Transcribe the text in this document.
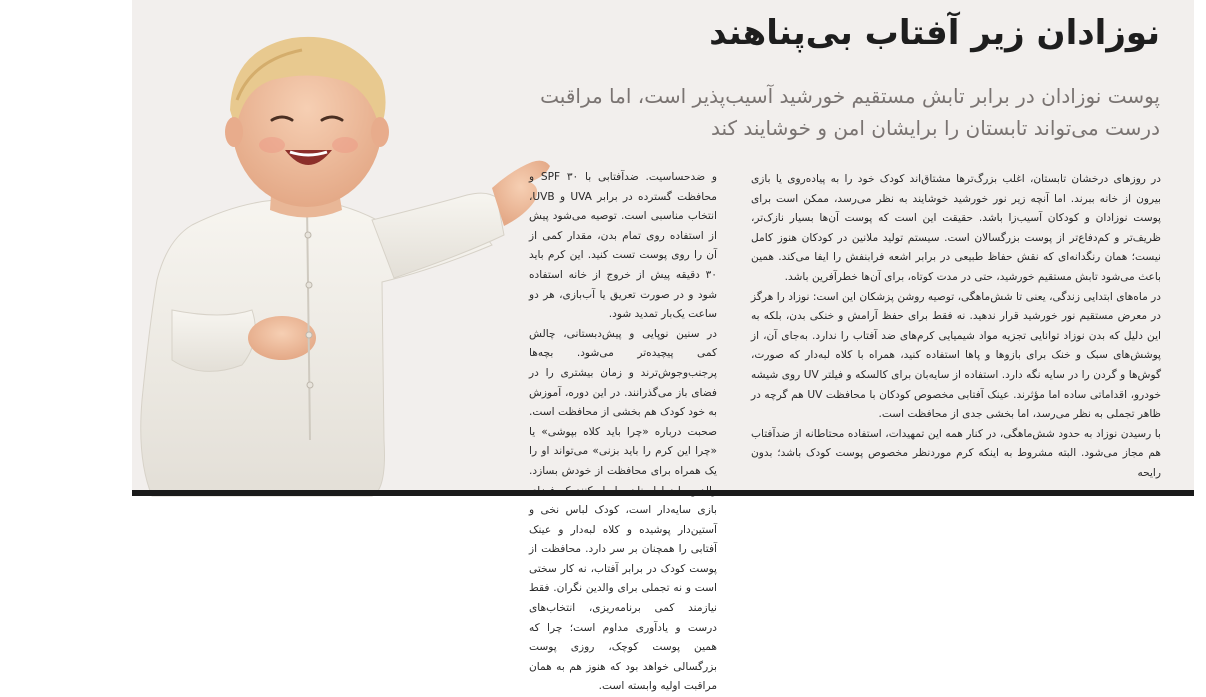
نوزادان زیر آفتاب بی‌پناهند

پوست نوزادان در برابر تابش مستقیم خورشید آسیب‌پذیر است، اما مراقبت درست می‌تواند تابستان را برایشان امن و خوشایند کند

در روزهای درخشان تابستان، اغلب بزرگ‌ترها مشتاق‌اند کودک خود را به پیاده‌روی یا بازی بیرون از خانه ببرند. اما آنچه زیر نور خورشید خوشایند به نظر می‌رسد، ممکن است برای پوست نوزادان و کودکان آسیب‌زا باشد. حقیقت این است که پوست آن‌ها بسیار نازک‌تر، ظریف‌تر و کم‌دفاع‌تر از پوست بزرگسالان است. سیستم تولید ملانین در کودکان هنوز کامل نیست؛ همان رنگدانه‌ای که نقش حفاظ طبیعی در برابر اشعه فرابنفش را ایفا می‌کند. همین باعث می‌شود تابش مستقیم خورشید، حتی در مدت کوتاه، برای آن‌ها خطرآفرین باشد.

در ماه‌های ابتدایی زندگی، یعنی تا شش‌ماهگی، توصیه روشن پزشکان این است: نوزاد را هرگز در معرض مستقیم نور خورشید قرار ندهید. نه فقط برای حفظ آرامش و خنکی بدن، بلکه به این دلیل که بدن نوزاد توانایی تجزیه مواد شیمیایی کرم‌های ضد آفتاب را ندارد. به‌جای آن، از پوشش‌های سبک و خنک برای بازوها و پاها استفاده کنید، همراه با کلاه لبه‌دار که صورت، گوش‌ها و گردن را در سایه نگه دارد. استفاده از سایه‌بان برای کالسکه و فیلتر UV روی شیشه خودرو، اقداماتی ساده اما مؤثرند. عینک آفتابی مخصوص کودکان با محافظت UV هم گرچه در ظاهر تجملی به نظر می‌رسد، اما بخشی جدی از محافظت است.

با رسیدن نوزاد به حدود شش‌ماهگی، در کنار همه این تمهیدات، استفاده محتاطانه از ضدآفتاب هم مجاز می‌شود. البته مشروط به اینکه کرم موردنظر مخصوص پوست کودک باشد؛ بدون رایحه

و ضدحساسیت. ضدآفتابی با SPF ۳۰ و محافظت گسترده در برابر UVA و UVB، انتخاب مناسبی است. توصیه می‌شود پیش از استفاده روی تمام بدن، مقدار کمی از آن را روی پوست تست کنید. این کرم باید ۳۰ دقیقه پیش از خروج از خانه استفاده شود و در صورت تعریق یا آب‌بازی، هر دو ساعت یک‌بار تمدید شود.

در سنین نوپایی و پیش‌دبستانی، چالش کمی پیچیده‌تر می‌شود. بچه‌ها پرجنب‌وجوش‌ترند و زمان بیشتری را در فضای باز می‌گذرانند. در این دوره، آموزش به خود کودک هم بخشی از محافظت است. صحبت درباره «چرا باید کلاه بپوشی» یا «چرا این کرم را باید بزنی» می‌تواند او را یک همراه برای محافظت از خودش بسازد. بازی سایه‌دار است، کودک لباس نخی و آستین‌دار پوشیده و کلاه لبه‌دار و عینک آفتابی را همچنان بر سر دارد. محافظت از پوست کودک در برابر آفتاب، نه کار سختی است و نه تجملی برای والدین نگران. فقط نیازمند کمی برنامه‌ریزی، انتخاب‌های درست و یادآوری مداوم است؛ چرا که همین پوست کوچک، روزی پوست بزرگسالی خواهد بود که هنوز هم به همان مراقبت اولیه وابسته است.
